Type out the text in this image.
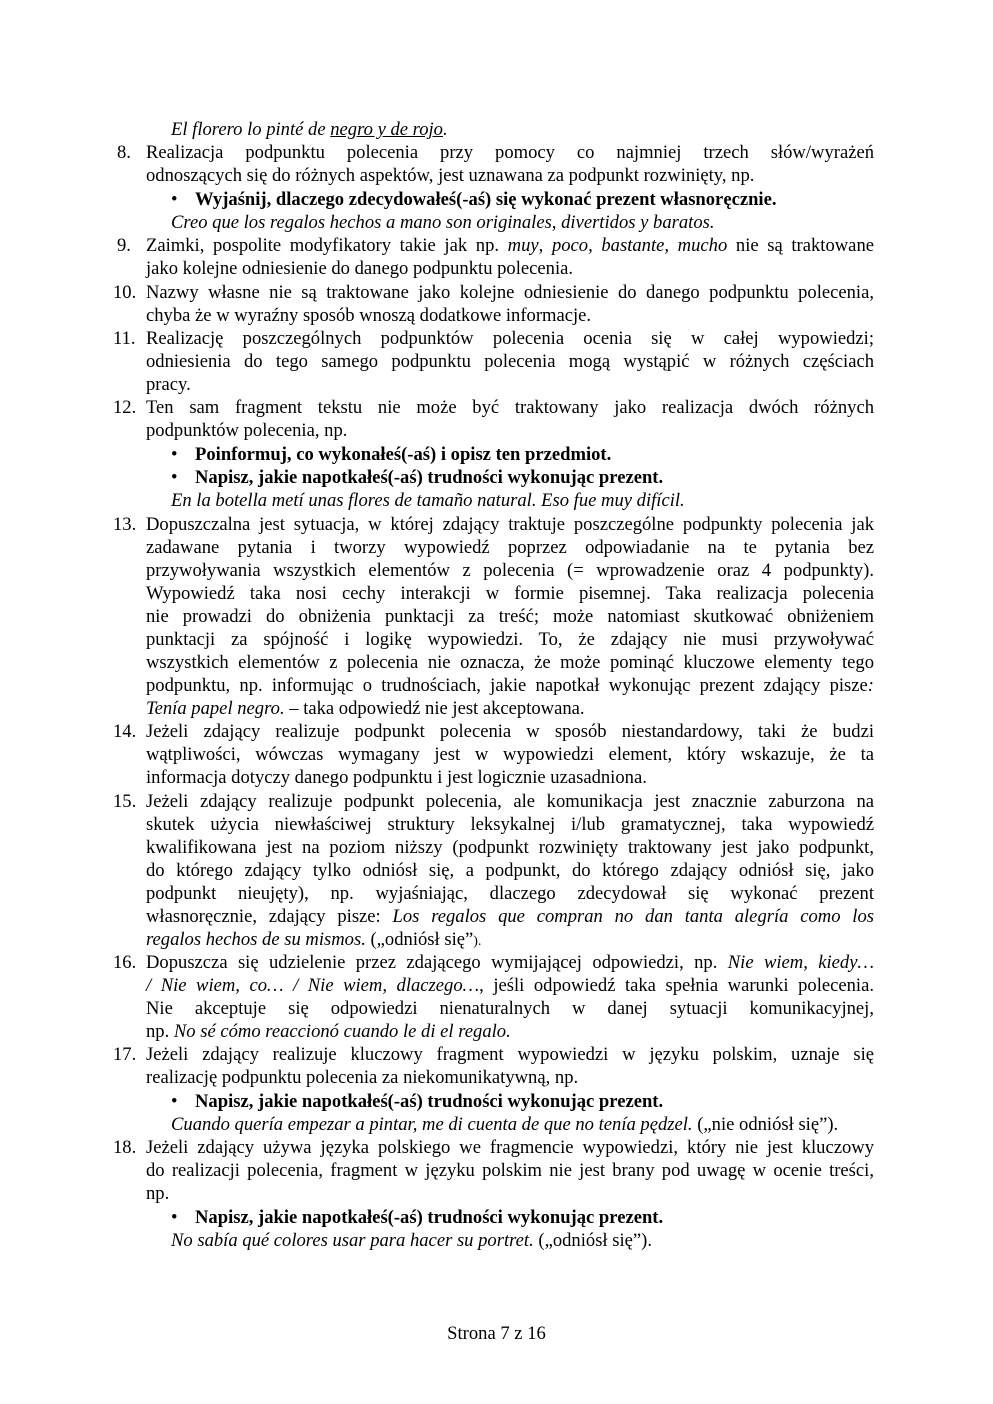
El florero lo pinté de negro y de rojo.
8. Realizacja podpunktu polecenia przy pomocy co najmniej trzech słów/wyrażeń
odnoszących się do różnych aspektów, jest uznawana za podpunkt rozwinięty, np.
• Wyjaśnij, dlaczego zdecydowałeś(-aś) się wykonać prezent własnoręcznie.
Creo que los regalos hechos a mano son originales, divertidos y baratos.
9. Zaimki, pospolite modyfikatory takie jak np. muy, poco, bastante, mucho nie są traktowane
jako kolejne odniesienie do danego podpunktu polecenia.
10. Nazwy własne nie są traktowane jako kolejne odniesienie do danego podpunktu polecenia,
chyba że w wyraźny sposób wnoszą dodatkowe informacje.
11. Realizację poszczególnych podpunktów polecenia ocenia się w całej wypowiedzi;
odniesienia do tego samego podpunktu polecenia mogą wystąpić w różnych częściach
pracy.
12. Ten sam fragment tekstu nie może być traktowany jako realizacja dwóch różnych
podpunktów polecenia, np.
• Poinformuj, co wykonałeś(-aś) i opisz ten przedmiot.
• Napisz, jakie napotkałeś(-aś) trudności wykonując prezent.
En la botella metí unas flores de tamaño natural. Eso fue muy difícil.
13. Dopuszczalna jest sytuacja, w której zdający traktuje poszczególne podpunkty polecenia jak
zadawane pytania i tworzy wypowiedź poprzez odpowiadanie na te pytania bez
przywoływania wszystkich elementów z polecenia (= wprowadzenie oraz 4 podpunkty).
Wypowiedź taka nosi cechy interakcji w formie pisemnej. Taka realizacja polecenia
nie prowadzi do obniżenia punktacji za treść; może natomiast skutkować obniżeniem
punktacji za spójność i logikę wypowiedzi. To, że zdający nie musi przywoływać
wszystkich elementów z polecenia nie oznacza, że może pominąć kluczowe elementy tego
podpunktu, np. informując o trudnościach, jakie napotkał wykonując prezent zdający pisze:
Tenía papel negro. – taka odpowiedź nie jest akceptowana.
14. Jeżeli zdający realizuje podpunkt polecenia w sposób niestandardowy, taki że budzi
wątpliwości, wówczas wymagany jest w wypowiedzi element, który wskazuje, że ta
informacja dotyczy danego podpunktu i jest logicznie uzasadniona.
15. Jeżeli zdający realizuje podpunkt polecenia, ale komunikacja jest znacznie zaburzona na
skutek użycia niewłaściwej struktury leksykalnej i/lub gramatycznej, taka wypowiedź
kwalifikowana jest na poziom niższy (podpunkt rozwinięty traktowany jest jako podpunkt,
do którego zdający tylko odniósł się, a podpunkt, do którego zdający odniósł się, jako
podpunkt nieujęty), np. wyjaśniając, dlaczego zdecydował się wykonać prezent
własnoręcznie, zdający pisze: Los regalos que compran no dan tanta alegría como los
regalos hechos de su mismos. („odniósł się”).
16. Dopuszcza się udzielenie przez zdającego wymijającej odpowiedzi, np. Nie wiem, kiedy…
/ Nie wiem, co… / Nie wiem, dlaczego…, jeśli odpowiedź taka spełnia warunki polecenia.
Nie akceptuje się odpowiedzi nienaturalnych w danej sytuacji komunikacyjnej,
np. No sé cómo reaccionó cuando le di el regalo.
17. Jeżeli zdający realizuje kluczowy fragment wypowiedzi w języku polskim, uznaje się
realizację podpunktu polecenia za niekomunikatywną, np.
• Napisz, jakie napotkałeś(-aś) trudności wykonując prezent.
Cuando quería empezar a pintar, me di cuenta de que no tenía pędzel. („nie odniósł się”).
18. Jeżeli zdający używa języka polskiego we fragmencie wypowiedzi, który nie jest kluczowy
do realizacji polecenia, fragment w języku polskim nie jest brany pod uwagę w ocenie treści,
np.
• Napisz, jakie napotkałeś(-aś) trudności wykonując prezent.
No sabía qué colores usar para hacer su portret. („odniósł się”).
Strona 7 z 16
